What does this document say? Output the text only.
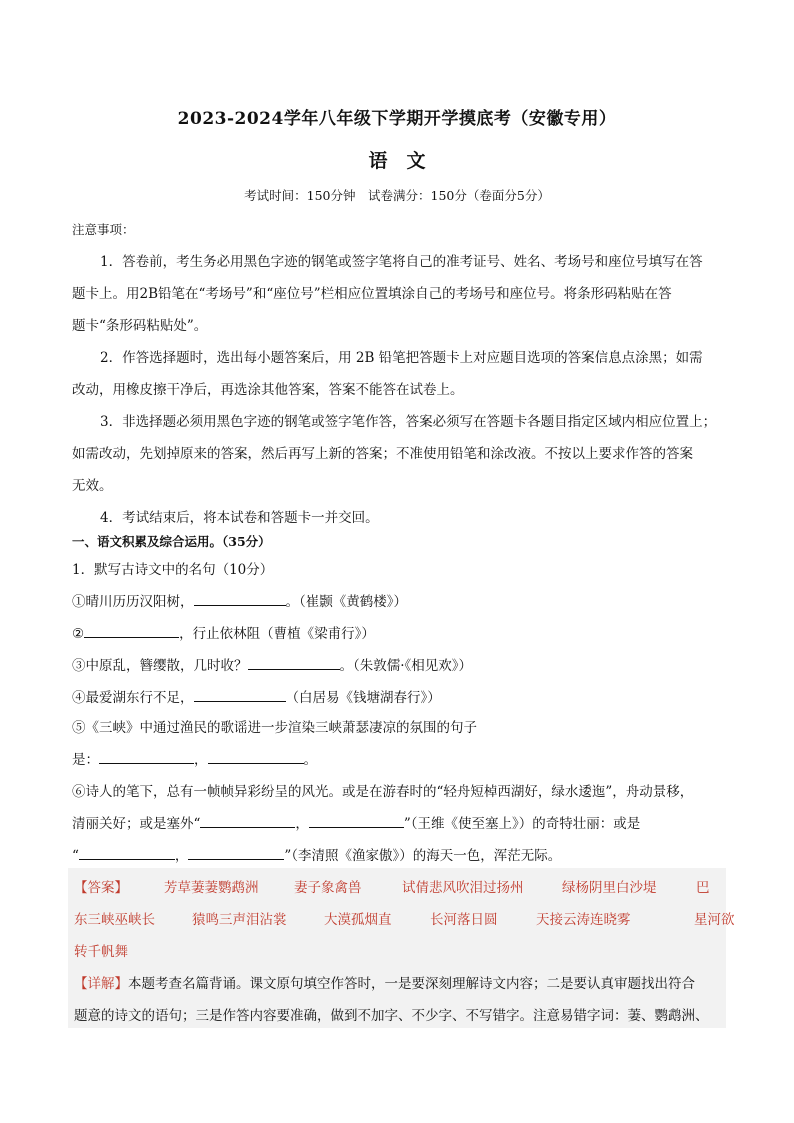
2023-2024学年八年级下学期开学摸底考（安徽专用）
语　文
考试时间：150分钟　试卷满分：150分（卷面分5分）
注意事项：
1．答卷前，考生务必用黑色字迹的钢笔或签字笔将自己的准考证号、姓名、考场号和座位号填写在答
题卡上。用2B铅笔在“考场号”和“座位号”栏相应位置填涂自己的考场号和座位号。将条形码粘贴在答
题卡“条形码粘贴处”。
2．作答选择题时，选出每小题答案后，用 2B 铅笔把答题卡上对应题目选项的答案信息点涂黑；如需
改动，用橡皮擦干净后，再选涂其他答案，答案不能答在试卷上。
3．非选择题必须用黑色字迹的钢笔或签字笔作答，答案必须写在答题卡各题目指定区域内相应位置上；
如需改动，先划掉原来的答案，然后再写上新的答案；不准使用铅笔和涂改液。不按以上要求作答的答案
无效。
4．考试结束后，将本试卷和答题卡一并交回。
一、语文积累及综合运用。（35分）
1．默写古诗文中的名句（10分）
①晴川历历汉阳树，	。（崔颢《黄鹤楼》）
②	，行止依林阻（曹植《梁甫行》）
③中原乱，簪缨散，几时收？	。（朱敦儒·《相见欢》）
④最爱湖东行不足，	（白居易《钱塘湖春行》）
⑤《三峡》中通过渔民的歌谣进一步渲染三峡萧瑟凄凉的氛围的句子
是：	，	。
⑥诗人的笔下，总有一帧帧异彩纷呈的风光。或是在游春时的“轻舟短棹西湖好，绿水逶迤”，舟动景移，
清丽关好；或是塞外“	，	”（王维《使至塞上》）的奇特壮丽：或是
“	，	”（李清照《渔家傲》）的海天一色，浑茫无际。
【答案】	芳草萋萋鹦鹉洲	妻子象禽兽	试倩悲风吹泪过扬州	绿杨阴里白沙堤	巴
东三峡巫峡长	猿鸣三声泪沾裳	大漠孤烟直	长河落日圆	天接云涛连晓雾	星河欲
转千帆舞
【详解】本题考查名篇背诵。课文原句填空作答时，一是要深刻理解诗文内容；二是要认真审题找出符合
题意的诗文的语句；三是作答内容要准确，做到不加字、不少字、不写错字。注意易错字词：萋、鹦鹉洲、
